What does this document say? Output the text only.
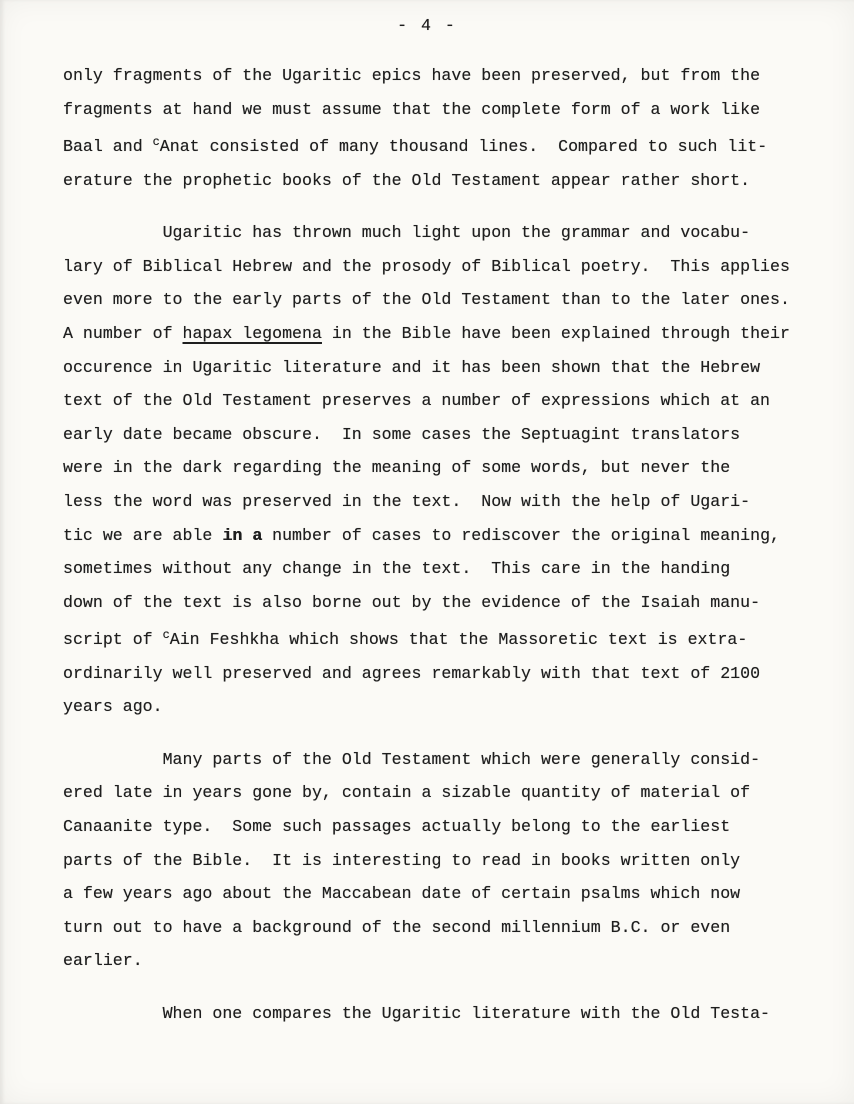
- 4 -
only fragments of the Ugaritic epics have been preserved, but from the
fragments at hand we must assume that the complete form of a work like
Baal and $^c$Anat consisted of many thousand lines.  Compared to such lit-
erature the prophetic books of the Old Testament appear rather short.
Ugaritic has thrown much light upon the grammar and vocabu-
lary of Biblical Hebrew and the prosody of Biblical poetry.  This applies
even more to the early parts of the Old Testament than to the later ones.
A number of hapax legomena in the Bible have been explained through their
occurence in Ugaritic literature and it has been shown that the Hebrew
text of the Old Testament preserves a number of expressions which at an
early date became obscure.  In some cases the Septuagint translators
were in the dark regarding the meaning of some words, but never the
less the word was preserved in the text.  Now with the help of Ugari-
tic we are able in a number of cases to rediscover the original meaning,
sometimes without any change in the text.  This care in the handing
down of the text is also borne out by the evidence of the Isaiah manu-
script of $^c$Ain Feshkha which shows that the Massoretic text is extra-
ordinarily well preserved and agrees remarkably with that text of 2100
years ago.
Many parts of the Old Testament which were generally consid-
ered late in years gone by, contain a sizable quantity of material of
Canaanite type.  Some such passages actually belong to the earliest
parts of the Bible.  It is interesting to read in books written only
a few years ago about the Maccabean date of certain psalms which now
turn out to have a background of the second millennium B.C. or even
earlier.
When one compares the Ugaritic literature with the Old Testa-
